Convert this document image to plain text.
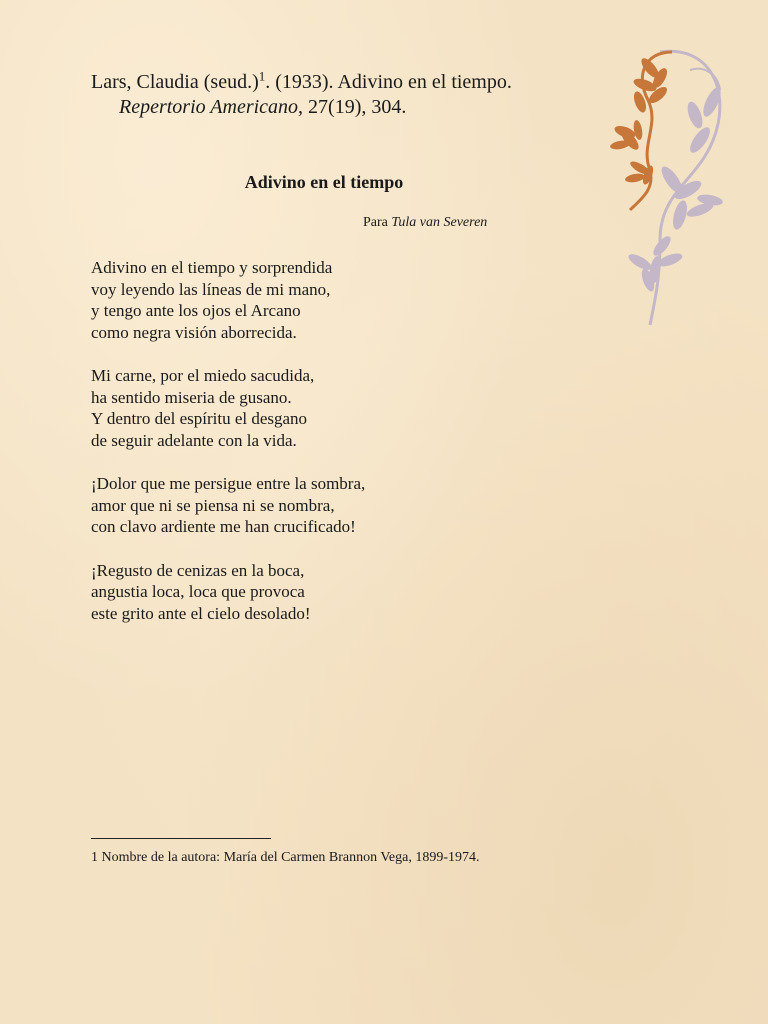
Lars, Claudia (seud.)$^1$. (1933). Adivino en el tiempo.
Repertorio Americano, 27(19), 304.

Adivino en el tiempo

Para Tula van Severen

Adivino en el tiempo y sorprendida
voy leyendo las líneas de mi mano,
y tengo ante los ojos el Arcano
como negra visión aborrecida.

Mi carne, por el miedo sacudida,
ha sentido miseria de gusano.
Y dentro del espíritu el desgano
de seguir adelante con la vida.

¡Dolor que me persigue entre la sombra,
amor que ni se piensa ni se nombra,
con clavo ardiente me han crucificado!

¡Regusto de cenizas en la boca,
angustia loca, loca que provoca
este grito ante el cielo desolado!

1 Nombre de la autora: María del Carmen Brannon Vega, 1899-1974.
